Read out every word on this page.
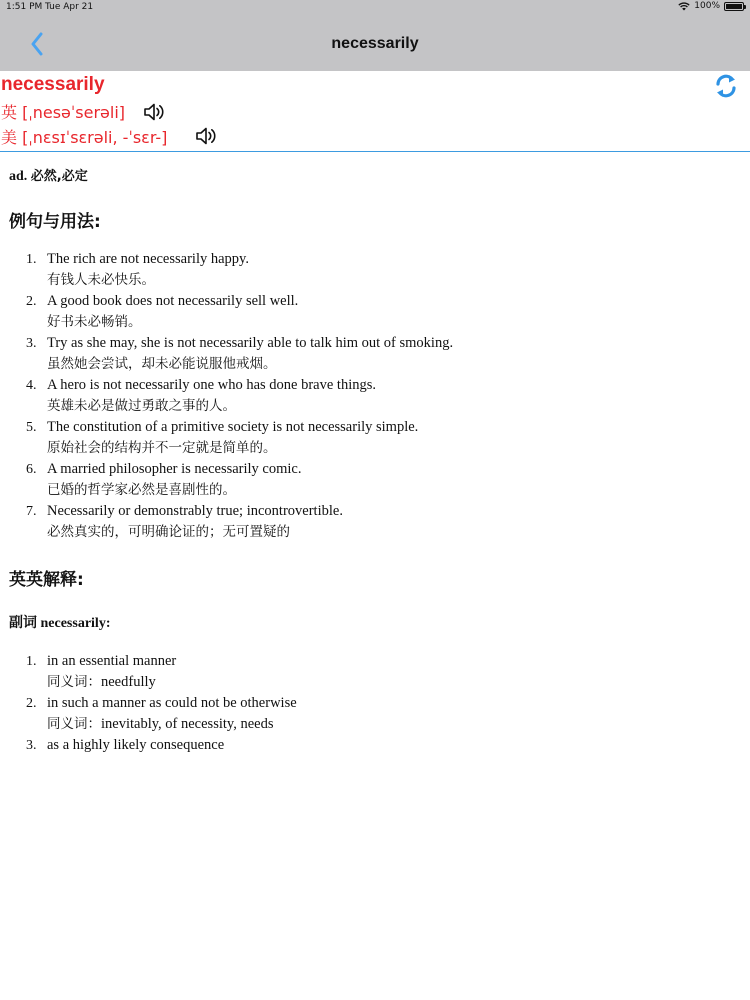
1:51 PM Tue Apr 21	100%
necessarily
necessarily
英 [ˌnesəˈserəli]
美 [ˌnɛsɪˈsɛrəli, -ˈsɛr-]
ad. 必然,必定
例句与用法:
1. The rich are not necessarily happy.
有钱人未必快乐。
2. A good book does not necessarily sell well.
好书未必畅销。
3. Try as she may, she is not necessarily able to talk him out of smoking.
虽然她会尝试，却未必能说服他戒烟。
4. A hero is not necessarily one who has done brave things.
英雄未必是做过勇敢之事的人。
5. The constitution of a primitive society is not necessarily simple.
原始社会的结构并不一定就是简单的。
6. A married philosopher is necessarily comic.
已婚的哲学家必然是喜剧性的。
7. Necessarily or demonstrably true; incontrovertible.
必然真实的，可明确论证的；无可置疑的
英英解释:
副词 necessarily:
1. in an essential manner
同义词：needfully
2. in such a manner as could not be otherwise
同义词：inevitably, of necessity, needs
3. as a highly likely consequence
